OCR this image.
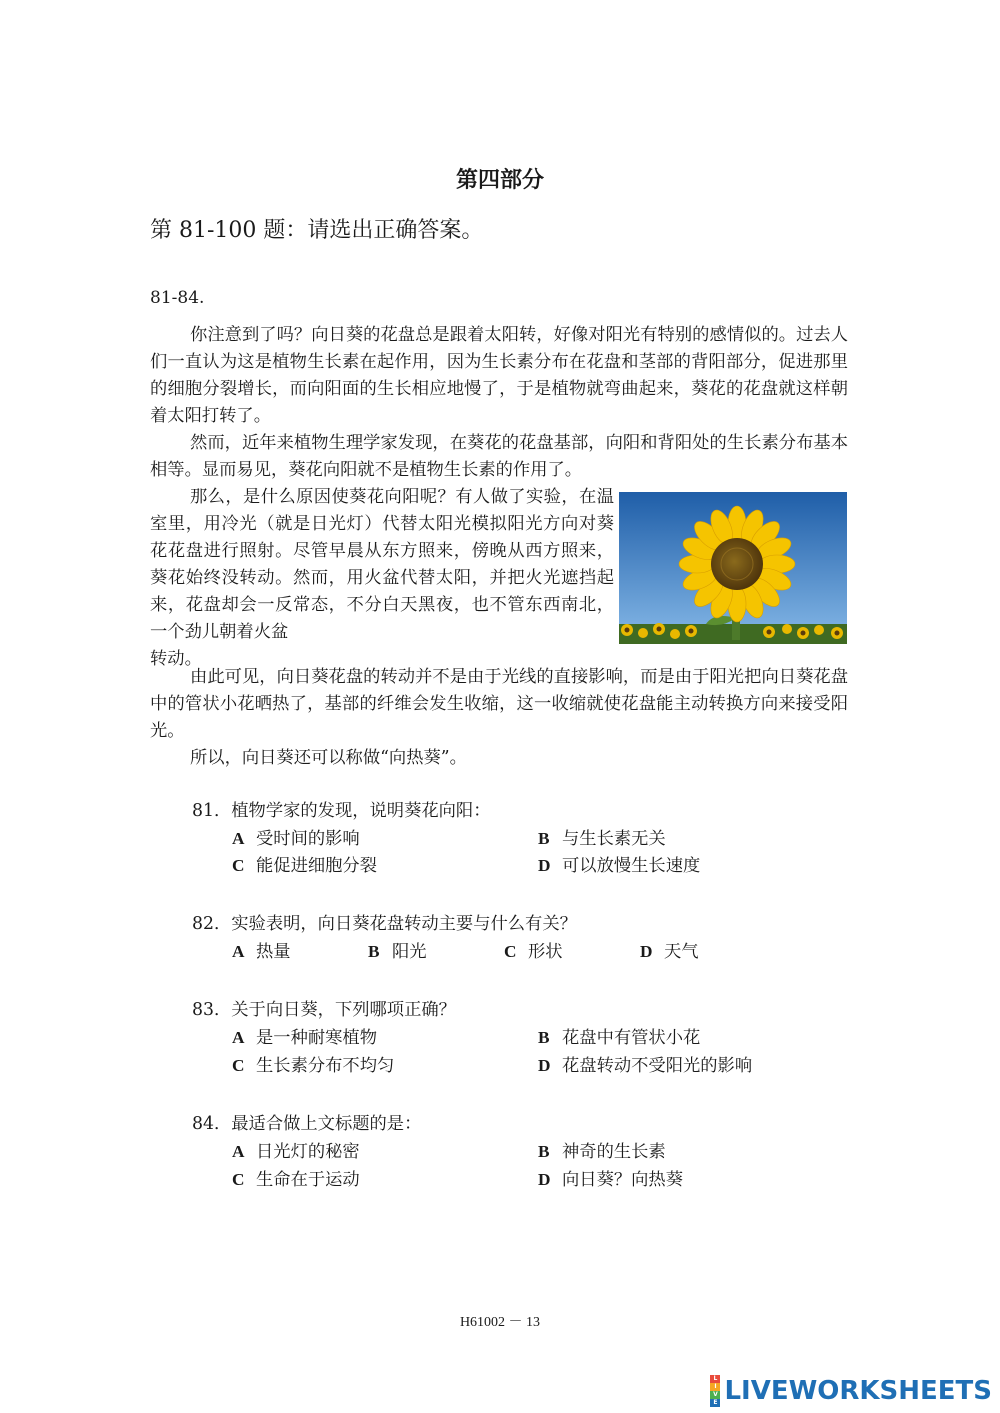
第四部分
第 81-100 题：请选出正确答案。
81-84.

你注意到了吗？向日葵的花盘总是跟着太阳转，好像对阳光有特别的感情似的。过去人们一直认为这是植物生长素在起作用，因为生长素分布在花盘和茎部的背阳部分，促进那里的细胞分裂增长，而向阳面的生长相应地慢了，于是植物就弯曲起来，葵花的花盘就这样朝着太阳打转了。

然而，近年来植物生理学家发现，在葵花的花盘基部，向阳和背阳处的生长素分布基本相等。显而易见，葵花向阳就不是植物生长素的作用了。

那么，是什么原因使葵花向阳呢？有人做了实验，在温室里，用冷光（就是日光灯）代替太阳光模拟阳光方向对葵花花盘进行照射。尽管早晨从东方照来，傍晚从西方照来，葵花始终没转动。然而，用火盆代替太阳，并把火光遮挡起来，花盘却会一反常态，不分白天黑夜，也不管东西南北，一个劲儿朝着火盆

转动。

由此可见，向日葵花盘的转动并不是由于光线的直接影响，而是由于阳光把向日葵花盘中的管状小花晒热了，基部的纤维会发生收缩，这一收缩就使花盘能主动转换方向来接受阳光。

所以，向日葵还可以称做“向热葵”。

81．植物学家的发现，说明葵花向阳：
A 受时间的影响	B 与生长素无关
C 能促进细胞分裂	D 可以放慢生长速度
82．实验表明，向日葵花盘转动主要与什么有关？
A 热量	B 阳光	C 形状	D 天气
83．关于向日葵，下列哪项正确？
A 是一种耐寒植物	B 花盘中有管状小花
C 生长素分布不均匀	D 花盘转动不受阳光的影响
84．最适合做上文标题的是：
A 日光灯的秘密	B 神奇的生长素
C 生命在于运动	D 向日葵？向热葵
H61002 － 13
L
I
V
E LIVEWORKSHEETS
